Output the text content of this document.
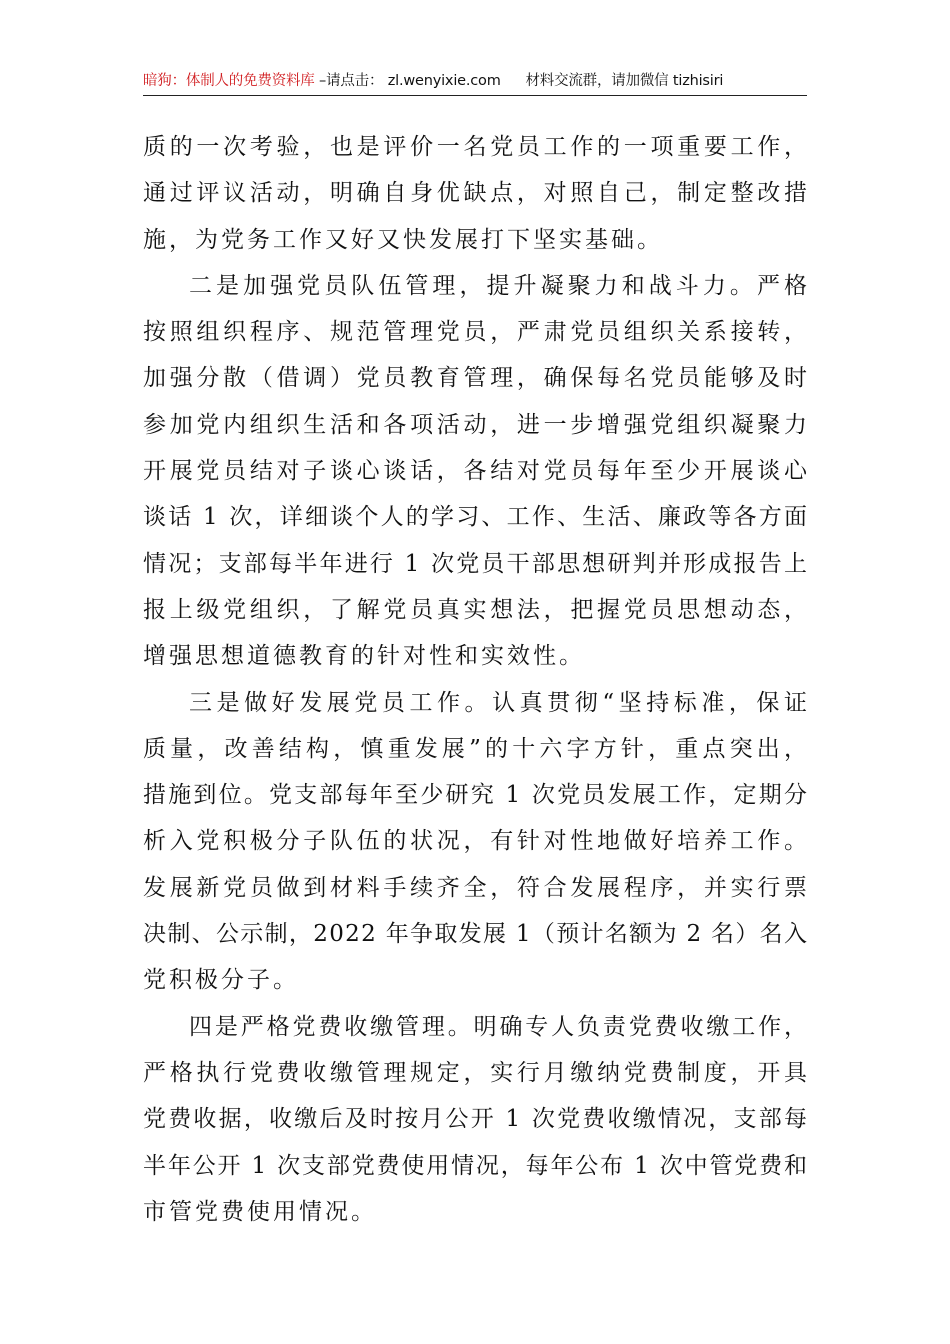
暗狗：体制人的免费资料库 –请点击： zl.wenyixie.com 材料交流群，请加微信 tizhisiri
质的一次考验，也是评价一名党员工作的一项重要工作，
通过评议活动，明确自身优缺点，对照自己，制定整改措
施，为党务工作又好又快发展打下坚实基础。
二是加强党员队伍管理，提升凝聚力和战斗力。严格
按照组织程序、规范管理党员，严肃党员组织关系接转，
加强分散（借调）党员教育管理，确保每名党员能够及时
参加党内组织生活和各项活动，进一步增强党组织凝聚力
开展党员结对子谈心谈话，各结对党员每年至少开展谈心
谈话 1 次，详细谈个人的学习、工作、生活、廉政等各方面
情况；支部每半年进行 1 次党员干部思想研判并形成报告上
报上级党组织，了解党员真实想法，把握党员思想动态，
增强思想道德教育的针对性和实效性。
三是做好发展党员工作。认真贯彻“坚持标准，保证
质量，改善结构，慎重发展”的十六字方针，重点突出，
措施到位。党支部每年至少研究 1 次党员发展工作，定期分
析入党积极分子队伍的状况，有针对性地做好培养工作。
发展新党员做到材料手续齐全，符合发展程序，并实行票
决制、公示制，2022 年争取发展 1（预计名额为 2 名）名入
党积极分子。
四是严格党费收缴管理。明确专人负责党费收缴工作，
严格执行党费收缴管理规定，实行月缴纳党费制度，开具
党费收据，收缴后及时按月公开 1 次党费收缴情况，支部每
半年公开 1 次支部党费使用情况，每年公布 1 次中管党费和
市管党费使用情况。
